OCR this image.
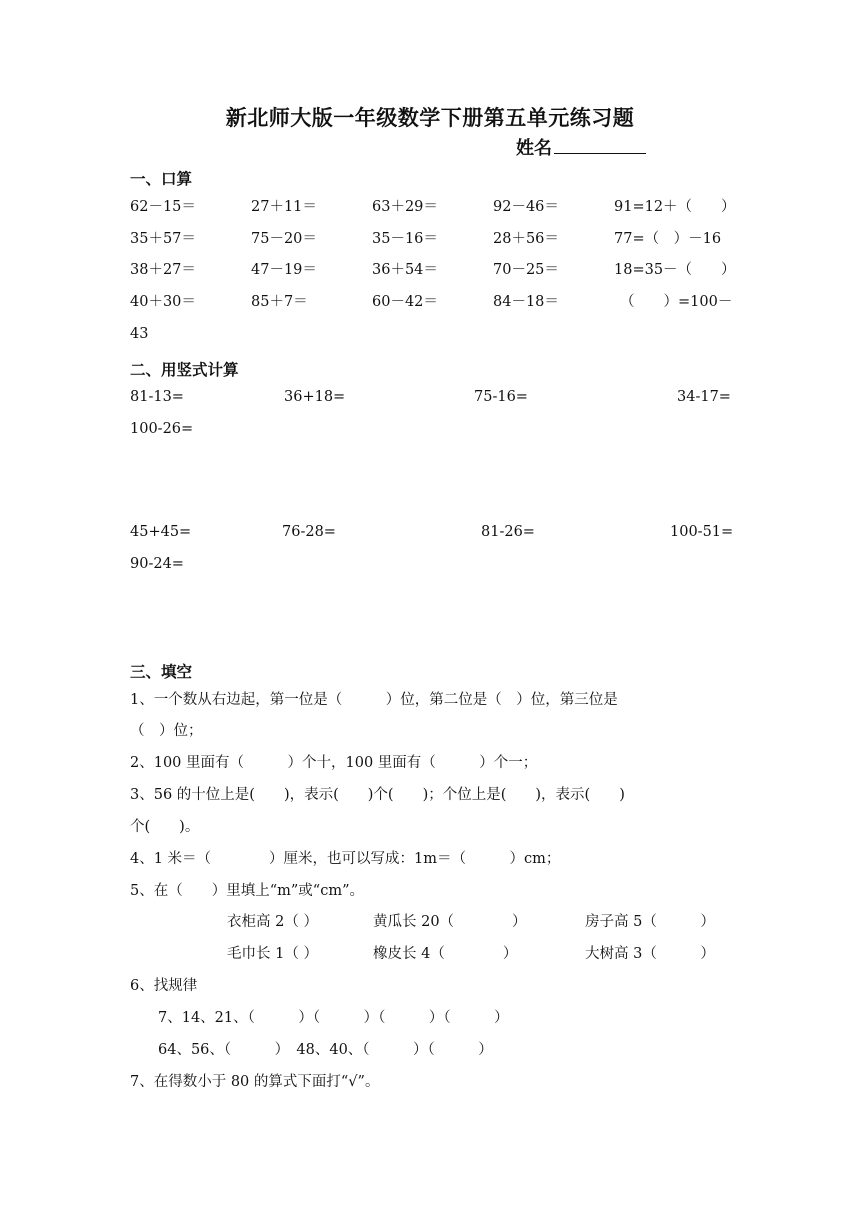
新北师大版一年级数学下册第五单元练习题
姓名
一、口算
62－15＝	27＋11＝	63＋29＝	92－46＝	91=12＋（　　）
35＋57＝	75－20＝	35－16＝	28＋56＝	77=（　）－16
38＋27＝	47－19＝	36＋54＝	70－25＝	18=35－（　　）
40＋30＝	85＋7＝	60－42＝	84－18＝	（　　）=100－
43
二、用竖式计算
81-13=	36+18=	75-16=	34-17=
100-26=
45+45=	76-28=	81-26=	100-51=
90-24=
三、填空
1、一个数从右边起，第一位是（　　　）位，第二位是（　）位，第三位是
（　）位；
2、100 里面有（　　　）个十，100 里面有（　　　）个一；
3、56 的十位上是(　　)，表示(　　)个(　　)；个位上是(　　)，表示(　　)
个(　　)。
4、1 米＝（　　　　）厘米，也可以写成：1m＝（　　　）cm；
5、在（　　）里填上“m”或“cm”。
衣柜高 2（ ）	黄瓜长 20（　　　　）	房子高 5（　　　）
毛巾长 1（ ）	橡皮长 4（　　　　）	大树高 3（　　　）
6、找规律
7、14、21、（　　　）（　　　）（　　　）（　　　）
64、56、（　　　）　48、40、（　　　）（　　　）
7、在得数小于 80 的算式下面打“√”。
